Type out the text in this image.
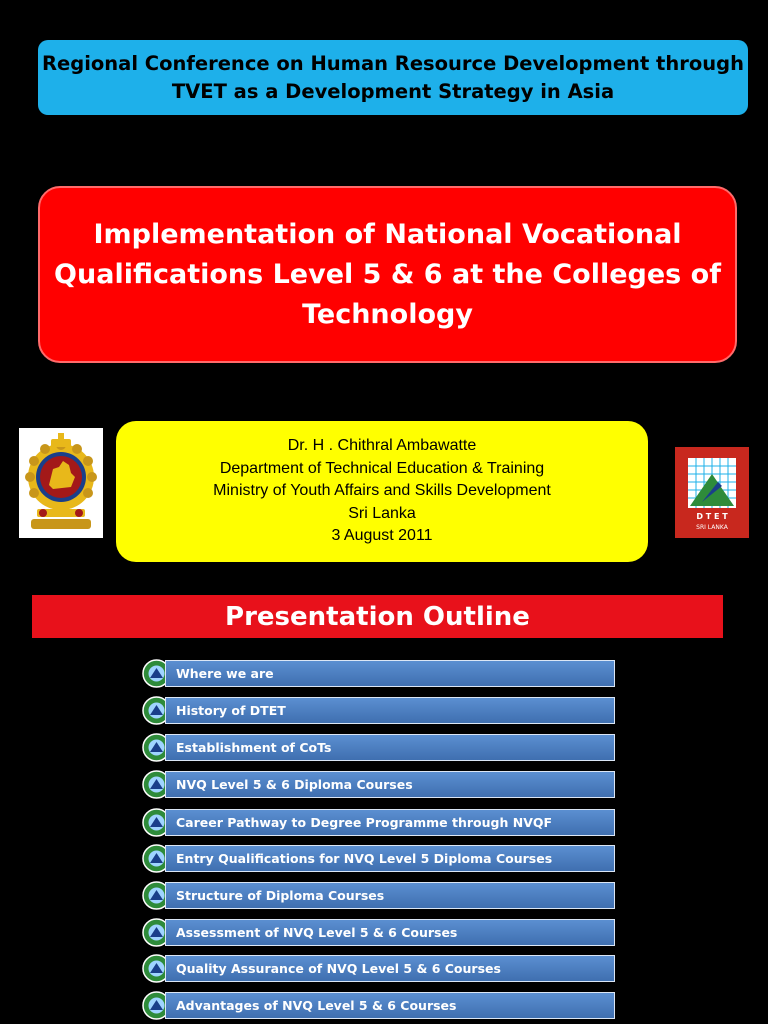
Regional Conference on Human Resource Development through
TVET as a Development Strategy in Asia
Implementation of National Vocational
Qualifications Level 5 & 6 at the Colleges of
Technology
Dr. H . Chithral Ambawatte
Department of Technical Education & Training
Ministry of Youth Affairs and Skills Development
Sri Lanka
3 August 2011
D T E T
SRI LANKA
Presentation Outline
Where we are
History of DTET
Establishment of CoTs
NVQ Level 5 & 6 Diploma Courses
Career Pathway to Degree Programme through NVQF
Entry Qualifications for NVQ Level 5 Diploma Courses
Structure of Diploma Courses
Assessment of NVQ Level 5 & 6 Courses
Quality Assurance of NVQ Level 5 & 6 Courses
Advantages of NVQ Level 5 & 6 Courses
